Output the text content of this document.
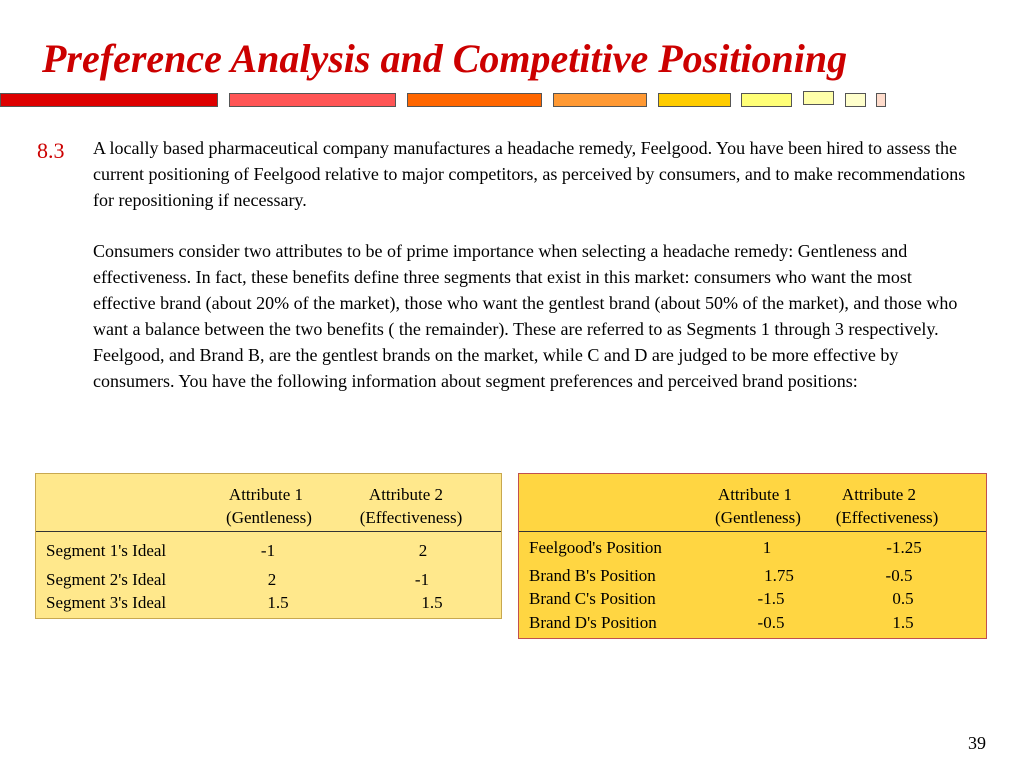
Preference Analysis and Competitive Positioning
8.3 A locally based pharmaceutical company manufactures a headache remedy, Feelgood. You have been hired to assess the current positioning of Feelgood relative to major competitors, as perceived by consumers, and to make recommendations for repositioning if necessary.

Consumers consider two attributes to be of prime importance when selecting a headache remedy: Gentleness and effectiveness. In fact, these benefits define three segments that exist in this market: consumers who want the most effective brand (about 20% of the market), those who want the gentlest brand (about 50% of the market), and those who want a balance between the two benefits ( the remainder). These are referred to as Segments 1 through 3 respectively. Feelgood, and Brand B, are the gentlest brands on the market, while C and D are judged to be more effective by consumers. You have the following information about segment preferences and perceived brand positions:

Attribute 1
(Gentleness)
Attribute 2
(Effectiveness)
Segment 1's Ideal	-1	2
Segment 2's Ideal	2	-1
Segment 3's Ideal	1.5	1.5
Attribute 1
(Gentleness)
Attribute 2
(Effectiveness)
Feelgood's Position	1	-1.25
Brand B's Position	1.75	-0.5
Brand C's Position	-1.5	0.5
Brand D's Position	-0.5	1.5
39
